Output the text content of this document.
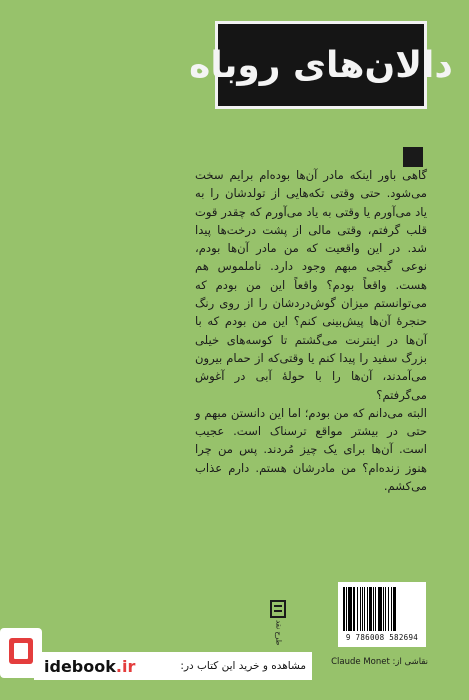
دالان‌های روباه

گاهی باور اینکه مادر آن‌ها بوده‌ام برایم سخت می‌شود. حتی وقتی تکه‌هایی از تولدشان را به یاد می‌آورم یا وقتی به یاد می‌آورم که چقدر قوت قلب گرفتم، وقتی مالی از پشت درخت‌ها پیدا شد. در این واقعیت که من مادر آن‌ها بودم، نوعی گیجی مبهم وجود دارد. ناملموس هم هست. واقعاً بودم؟ واقعاً این من بودم که می‌توانستم میزان گوش‌دردشان را از روی رنگ حنجرهٔ آن‌ها پیش‌بینی کنم؟ این من بودم که با آن‌ها در اینترنت می‌گشتم تا کوسه‌های خیلی بزرگ سفید را پیدا کنم یا وقتی‌که از حمام بیرون می‌آمدند، آن‌ها را با حولهٔ آبی در آغوش می‌گرفتم؟

البته می‌دانم که من بودم؛ اما این دانستن مبهم و حتی در بیشتر مواقع ترسناک است. عجیب است. آن‌ها برای یک چیز مُردند. پس من چرا هنوز زنده‌ام؟ من مادرشان هستم. دارم عذاب می‌کشم.

طرح نقد	9 786008 582694
نقاشی از: Claude Monet
idebook.ir	مشاهده و خرید این کتاب در:
